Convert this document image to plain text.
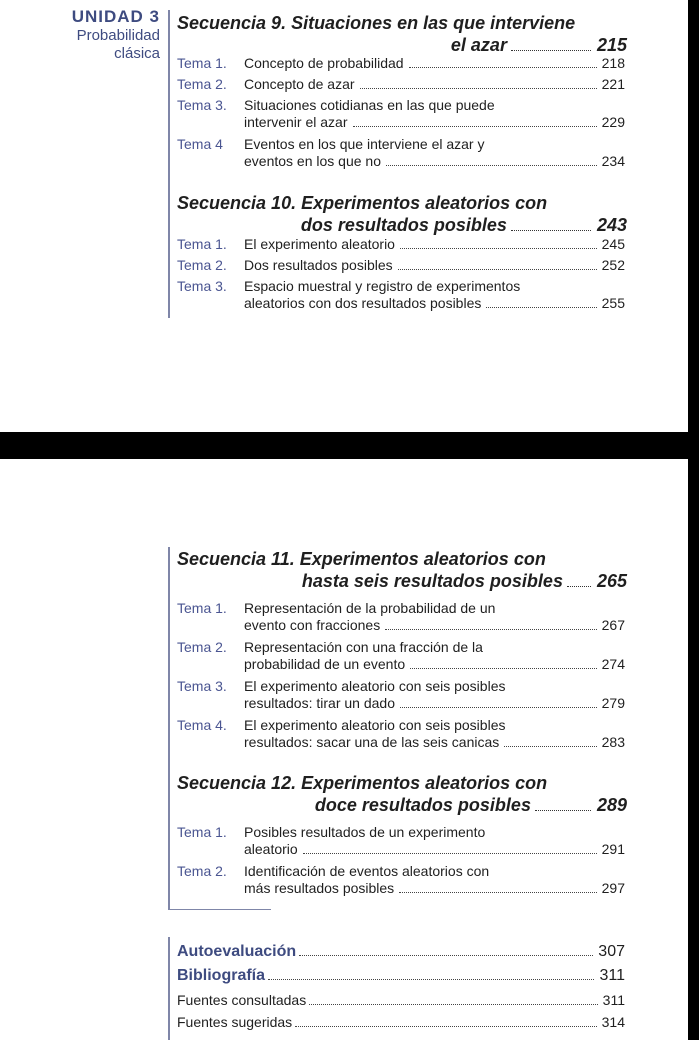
UNIDAD 3
Probabilidad
clásica
Secuencia 9. Situaciones en las que interviene
el azar	215
Tema 1. Concepto de probabilidad	218
Tema 2. Concepto de azar	221
Tema 3. Situaciones cotidianas en las que puede
intervenir el azar	229
Tema 4 Eventos en los que interviene el azar y
eventos en los que no	234
Secuencia 10. Experimentos aleatorios con
dos resultados posibles	243
Tema 1. El experimento aleatorio	245
Tema 2. Dos resultados posibles	252
Tema 3. Espacio muestral y registro de experimentos
aleatorios con dos resultados posibles	255
Secuencia 11. Experimentos aleatorios con
hasta seis resultados posibles 265
Tema 1. Representación de la probabilidad de un
evento con fracciones	267
Tema 2. Representación con una fracción de la
probabilidad de un evento	274
Tema 3. El experimento aleatorio con seis posibles
resultados: tirar un dado	279
Tema 4. El experimento aleatorio con seis posibles
resultados: sacar una de las seis canicas	283
Secuencia 12. Experimentos aleatorios con
doce resultados posibles	289
Tema 1. Posibles resultados de un experimento
aleatorio	291
Tema 2. Identificación de eventos aleatorios con
más resultados posibles	297
Autoevaluación	307
Bibliografía	311
Fuentes consultadas	311
Fuentes sugeridas	314
